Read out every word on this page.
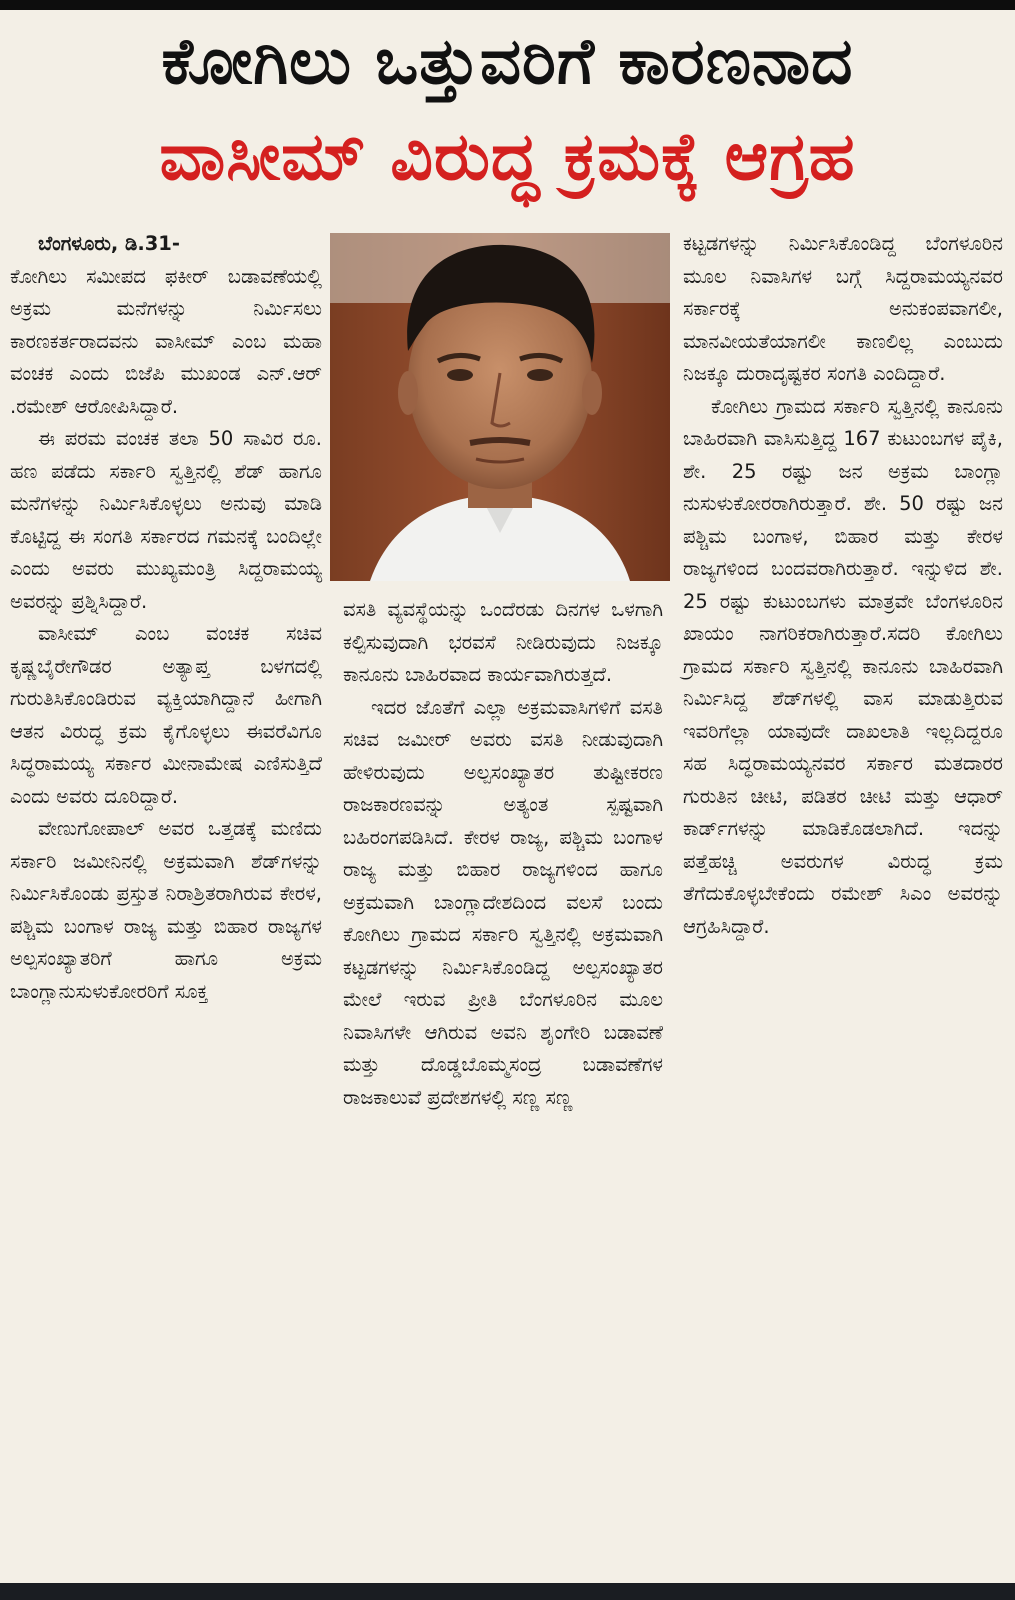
ಕೋಗಿಲು ಒತ್ತುವರಿಗೆ ಕಾರಣನಾದ
ವಾಸೀಮ್ ವಿರುದ್ಧ ಕ್ರಮಕ್ಕೆ ಆಗ್ರಹ

ಬೆಂಗಳೂರು, ಡಿ.31-

ಕೋಗಿಲು ಸಮೀಪದ ಫಕೀರ್ ಬಡಾವಣೆಯಲ್ಲಿ ಅಕ್ರಮ ಮನೆಗಳನ್ನು ನಿರ್ಮಿಸಲು ಕಾರಣಕರ್ತರಾದವನು ವಾಸೀಮ್ ಎಂಬ ಮಹಾ ವಂಚಕ ಎಂದು ಬಿಜೆಪಿ ಮುಖಂಡ ಎನ್.ಆರ್ .ರಮೇಶ್ ಆರೋಪಿಸಿದ್ದಾರೆ.

ಈ ಪರಮ ವಂಚಕ ತಲಾ 50 ಸಾವಿರ ರೂ. ಹಣ ಪಡೆದು ಸರ್ಕಾರಿ ಸ್ವತ್ತಿನಲ್ಲಿ ಶೆಡ್ ಹಾಗೂ ಮನೆಗಳನ್ನು ನಿರ್ಮಿಸಿಕೊಳ್ಳಲು ಅನುವು ಮಾಡಿ ಕೊಟ್ಟಿದ್ದ ಈ ಸಂಗತಿ ಸರ್ಕಾರದ ಗಮನಕ್ಕೆ ಬಂದಿಲ್ಲೇ ಎಂದು ಅವರು ಮುಖ್ಯಮಂತ್ರಿ ಸಿದ್ದರಾಮಯ್ಯ ಅವರನ್ನು ಪ್ರಶ್ನಿಸಿದ್ದಾರೆ.

ವಾಸೀಮ್ ಎಂಬ ವಂಚಕ ಸಚಿವ ಕೃಷ್ಣಬೈರೇಗೌಡರ ಅತ್ಯಾಪ್ತ ಬಳಗದಲ್ಲಿ ಗುರುತಿಸಿಕೊಂಡಿರುವ ವ್ಯಕ್ತಿಯಾಗಿದ್ದಾನೆ ಹೀಗಾಗಿ ಆತನ ವಿರುದ್ಧ ಕ್ರಮ ಕೈಗೊಳ್ಳಲು ಈವರೆವಿಗೂ ಸಿದ್ಧರಾಮಯ್ಯ ಸರ್ಕಾರ ಮೀನಾಮೇಷ ಎಣಿಸುತ್ತಿದೆ ಎಂದು ಅವರು ದೂರಿದ್ದಾರೆ.

ವೇಣುಗೋಪಾಲ್ ಅವರ ಒತ್ತಡಕ್ಕೆ ಮಣಿದು ಸರ್ಕಾರಿ ಜಮೀನಿನಲ್ಲಿ ಅಕ್ರಮವಾಗಿ ಶೆಡ್‌ಗಳನ್ನು ನಿರ್ಮಿಸಿಕೊಂಡು ಪ್ರಸ್ತುತ ನಿರಾಶ್ರಿತರಾಗಿರುವ ಕೇರಳ, ಪಶ್ಚಿಮ ಬಂಗಾಳ ರಾಜ್ಯ ಮತ್ತು ಬಿಹಾರ ರಾಜ್ಯಗಳ ಅಲ್ಪಸಂಖ್ಯಾತರಿಗೆ ಹಾಗೂ ಅಕ್ರಮ ಬಾಂಗ್ಲಾನುಸುಳುಕೋರರಿಗೆ ಸೂಕ್ತ

ವಸತಿ ವ್ಯವಸ್ಥೆಯನ್ನು ಒಂದೆರಡು ದಿನಗಳ ಒಳಗಾಗಿ ಕಲ್ಪಿಸುವುದಾಗಿ ಭರವಸೆ ನೀಡಿರುವುದು ನಿಜಕ್ಕೂ ಕಾನೂನು ಬಾಹಿರವಾದ ಕಾರ್ಯವಾಗಿರುತ್ತದೆ.

ಇದರ ಜೊತೆಗೆ ಎಲ್ಲಾ ಅಕ್ರಮವಾಸಿಗಳಿಗೆ ವಸತಿ ಸಚಿವ ಜಮೀರ್ ಅವರು ವಸತಿ ನೀಡುವುದಾಗಿ ಹೇಳಿರುವುದು ಅಲ್ಪಸಂಖ್ಯಾತರ ತುಷ್ಟೀಕರಣ ರಾಜಕಾರಣವನ್ನು ಅತ್ಯಂತ ಸ್ಪಷ್ಟವಾಗಿ ಬಹಿರಂಗಪಡಿಸಿದೆ. ಕೇರಳ ರಾಜ್ಯ, ಪಶ್ಚಿಮ ಬಂಗಾಳ ರಾಜ್ಯ ಮತ್ತು ಬಿಹಾರ ರಾಜ್ಯಗಳಿಂದ ಹಾಗೂ ಅಕ್ರಮವಾಗಿ ಬಾಂಗ್ಲಾದೇಶದಿಂದ ವಲಸೆ ಬಂದು ಕೋಗಿಲು ಗ್ರಾಮದ ಸರ್ಕಾರಿ ಸ್ವತ್ತಿನಲ್ಲಿ ಅಕ್ರಮವಾಗಿ ಕಟ್ಟಡಗಳನ್ನು ನಿರ್ಮಿಸಿಕೊಂಡಿದ್ದ ಅಲ್ಪಸಂಖ್ಯಾತರ ಮೇಲೆ ಇರುವ ಪ್ರೀತಿ ಬೆಂಗಳೂರಿನ ಮೂಲ ನಿವಾಸಿಗಳೇ ಆಗಿರುವ ಅವನಿ ಶೃಂಗೇರಿ ಬಡಾವಣೆ ಮತ್ತು ದೊಡ್ಡಬೊಮ್ಮಸಂದ್ರ ಬಡಾವಣೆಗಳ ರಾಜಕಾಲುವೆ ಪ್ರದೇಶಗಳಲ್ಲಿ ಸಣ್ಣ ಸಣ್ಣ

ಕಟ್ಟಡಗಳನ್ನು ನಿರ್ಮಿಸಿಕೊಂಡಿದ್ದ ಬೆಂಗಳೂರಿನ ಮೂಲ ನಿವಾಸಿಗಳ ಬಗ್ಗೆ ಸಿದ್ದರಾಮಯ್ಯನವರ ಸರ್ಕಾರಕ್ಕೆ ಅನುಕಂಪವಾಗಲೀ, ಮಾನವೀಯತೆಯಾಗಲೀ ಕಾಣಲಿಲ್ಲ ಎಂಬುದು ನಿಜಕ್ಕೂ ದುರಾದೃಷ್ಟಕರ ಸಂಗತಿ ಎಂದಿದ್ದಾರೆ.

ಕೋಗಿಲು ಗ್ರಾಮದ ಸರ್ಕಾರಿ ಸ್ವತ್ತಿನಲ್ಲಿ ಕಾನೂನು ಬಾಹಿರವಾಗಿ ವಾಸಿಸುತ್ತಿದ್ದ 167 ಕುಟುಂಬಗಳ ಪೈಕಿ, ಶೇ. 25 ರಷ್ಟು ಜನ ಅಕ್ರಮ ಬಾಂಗ್ಲಾ ನುಸುಳುಕೋರರಾಗಿರುತ್ತಾರೆ. ಶೇ. 50 ರಷ್ಟು ಜನ ಪಶ್ಚಿಮ ಬಂಗಾಳ, ಬಿಹಾರ ಮತ್ತು ಕೇರಳ ರಾಜ್ಯಗಳಿಂದ ಬಂದವರಾಗಿರುತ್ತಾರೆ. ಇನ್ನುಳಿದ ಶೇ. 25 ರಷ್ಟು ಕುಟುಂಬಗಳು ಮಾತ್ರವೇ ಬೆಂಗಳೂರಿನ ಖಾಯಂ ನಾಗರಿಕರಾಗಿರುತ್ತಾರೆ.ಸದರಿ ಕೋಗಿಲು ಗ್ರಾಮದ ಸರ್ಕಾರಿ ಸ್ವತ್ತಿನಲ್ಲಿ ಕಾನೂನು ಬಾಹಿರವಾಗಿ ನಿರ್ಮಿಸಿದ್ದ ಶೆಡ್‌ಗಳಲ್ಲಿ ವಾಸ ಮಾಡುತ್ತಿರುವ ಇವರಿಗೆಲ್ಲಾ ಯಾವುದೇ ದಾಖಲಾತಿ ಇಲ್ಲದಿದ್ದರೂ ಸಹ ಸಿದ್ಧರಾಮಯ್ಯನವರ ಸರ್ಕಾರ ಮತದಾರರ ಗುರುತಿನ ಚೀಟಿ, ಪಡಿತರ ಚೀಟಿ ಮತ್ತು ಆಧಾರ್ ಕಾರ್ಡ್‌ಗಳನ್ನು ಮಾಡಿಕೊಡಲಾಗಿದೆ. ಇದನ್ನು ಪತ್ತೆಹಚ್ಚಿ ಅವರುಗಳ ವಿರುದ್ಧ ಕ್ರಮ ತೆಗೆದುಕೊಳ್ಳಬೇಕೆಂದು ರಮೇಶ್ ಸಿಎಂ ಅವರನ್ನು ಆಗ್ರಹಿಸಿದ್ದಾರೆ.
